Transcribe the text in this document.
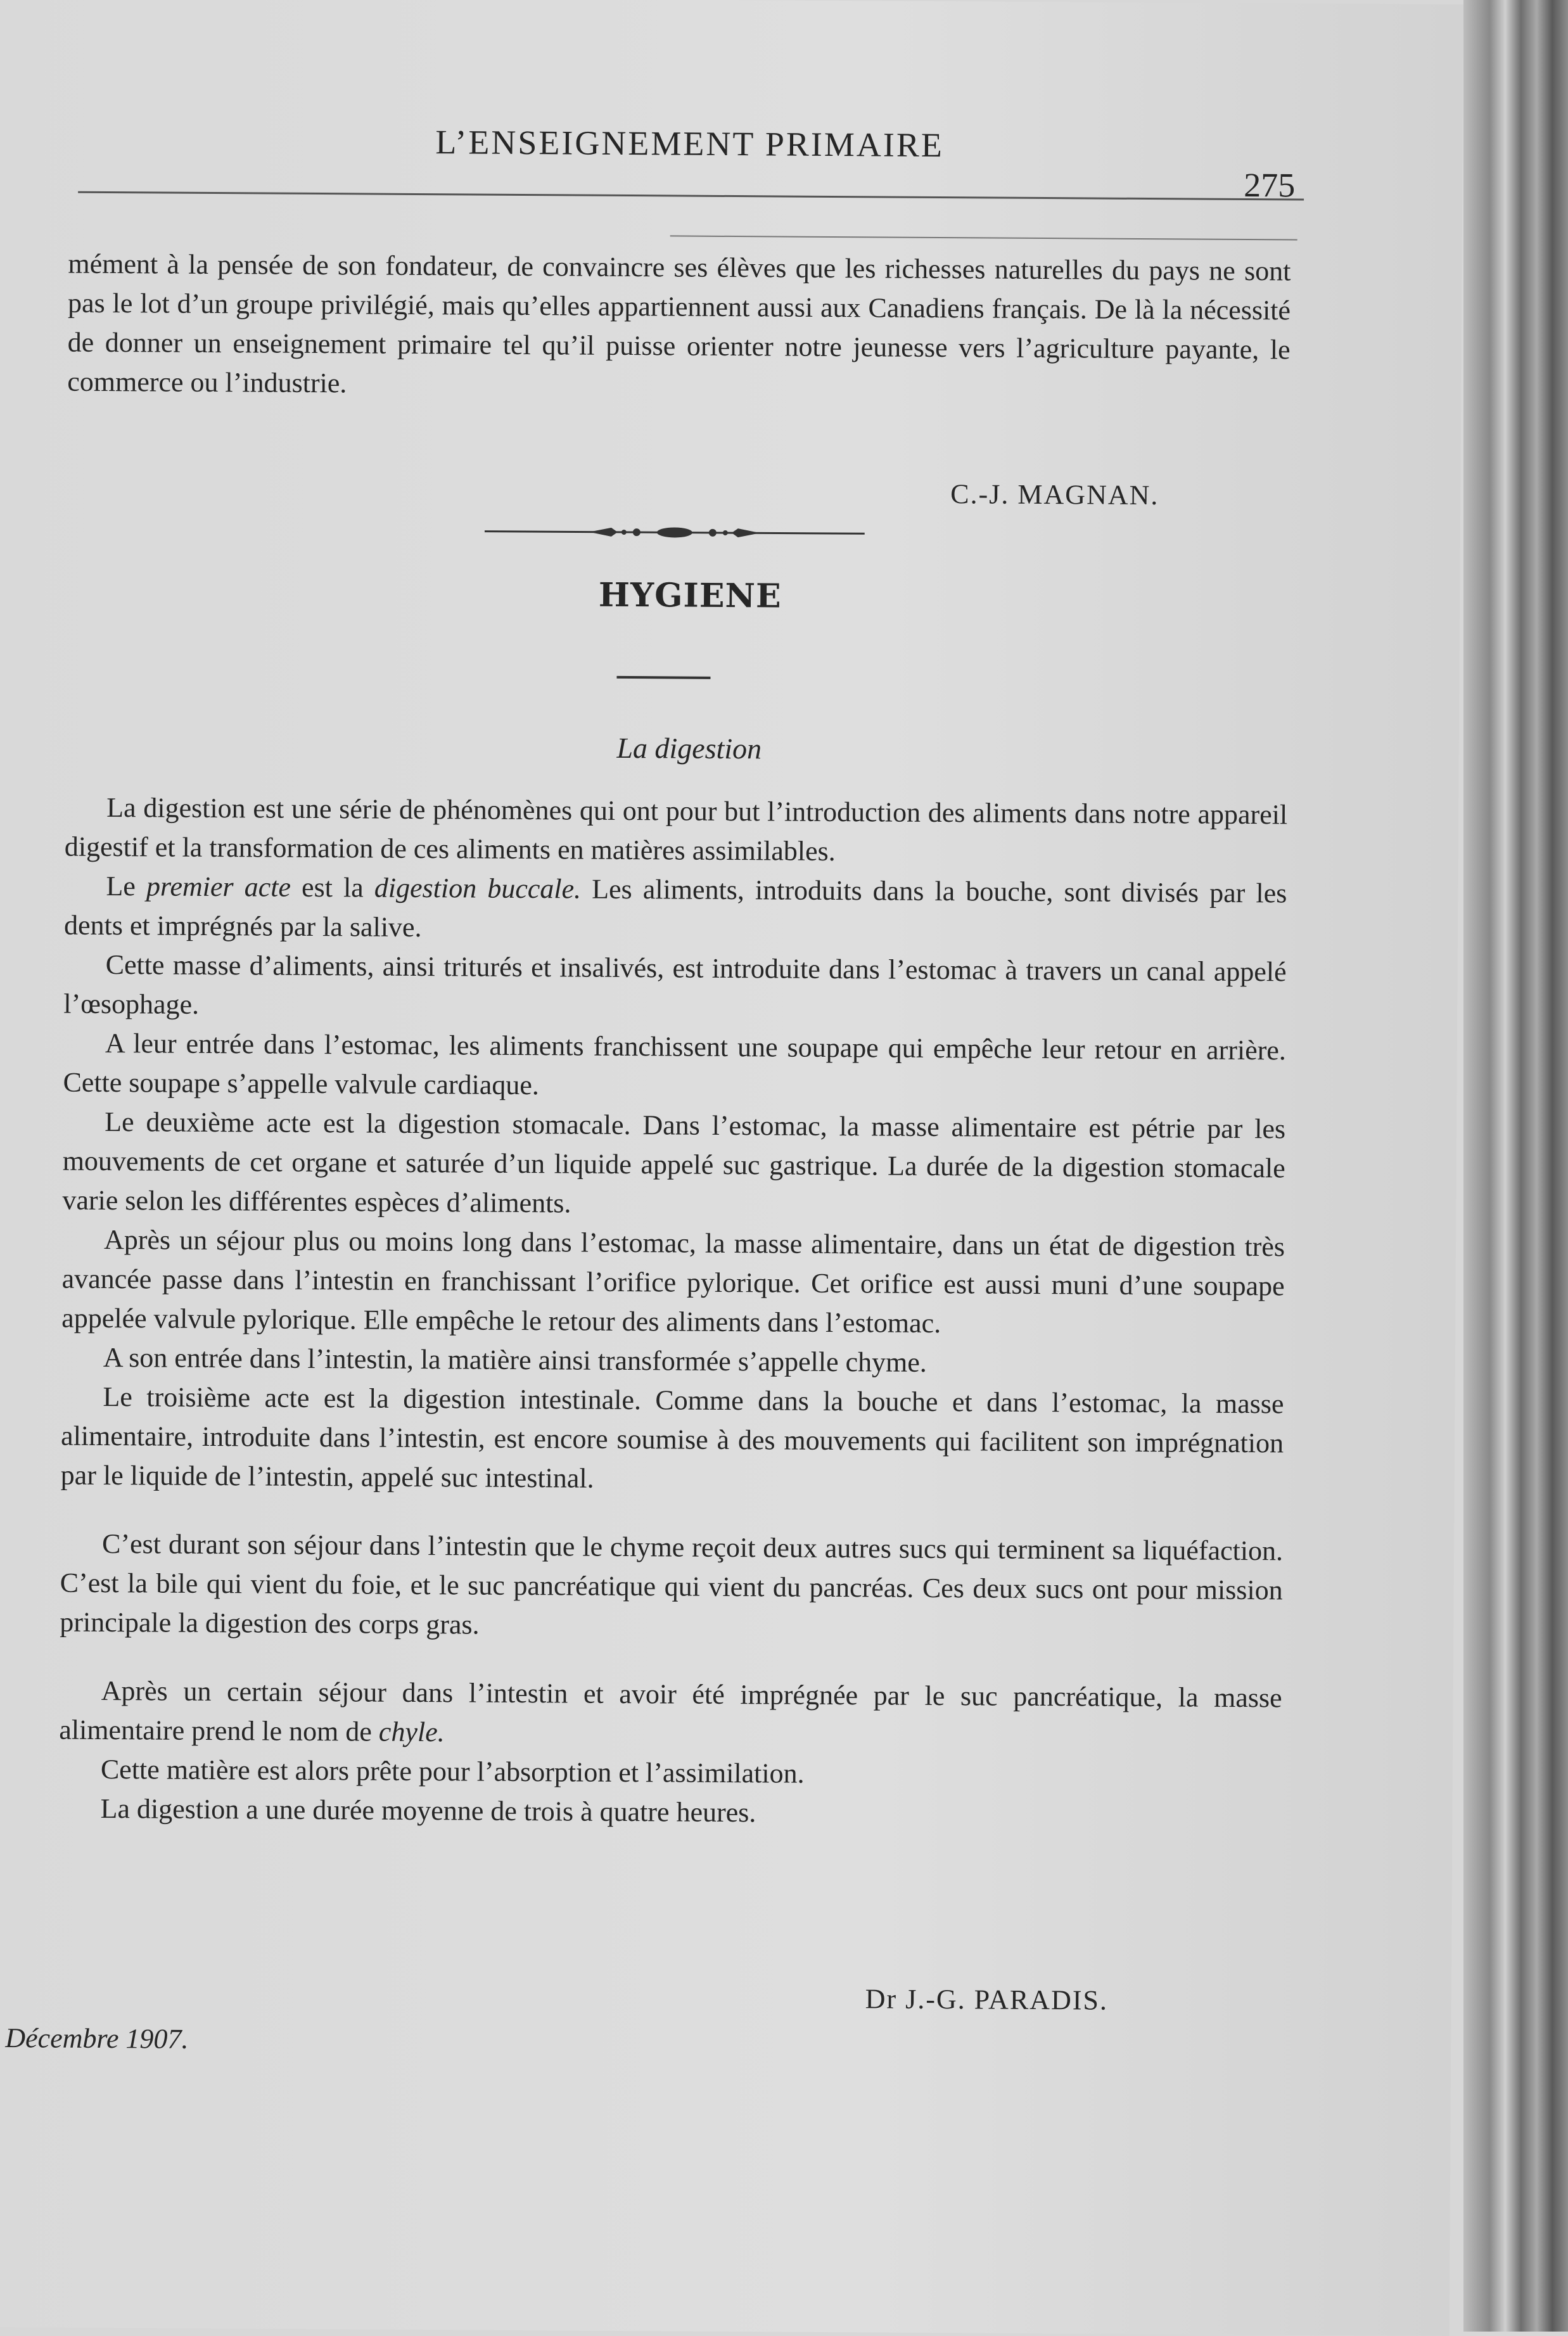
L’ENSEIGNEMENT PRIMAIRE
275

mément à la pensée de son fondateur, de convaincre ses élèves que les richesses naturelles du pays ne sont pas le lot d’un groupe privilégié, mais qu’elles appartiennent aussi aux Canadiens français. De là la nécessité de donner un enseignement primaire tel qu’il puisse orienter notre jeunesse vers l’agriculture payante, le commerce ou l’industrie.

C.-J. MAGNAN.
HYGIENE
La digestion

La digestion est une série de phénomènes qui ont pour but l’introduction des aliments dans notre appareil digestif et la transformation de ces aliments en matières assimilables.

Le premier acte est la digestion buccale. Les aliments, introduits dans la bouche, sont divisés par les dents et imprégnés par la salive.

Cette masse d’aliments, ainsi triturés et insalivés, est introduite dans l’estomac à travers un canal appelé l’œsophage.

A leur entrée dans l’estomac, les aliments franchissent une soupape qui empêche leur retour en arrière. Cette soupape s’appelle valvule cardiaque.

Le deuxième acte est la digestion stomacale. Dans l’estomac, la masse alimentaire est pétrie par les mouvements de cet organe et saturée d’un liquide appelé suc gastrique. La durée de la digestion stomacale varie selon les différentes espèces d’aliments.

Après un séjour plus ou moins long dans l’estomac, la masse alimentaire, dans un état de digestion très avancée passe dans l’intestin en franchissant l’orifice pylorique. Cet orifice est aussi muni d’une soupape appelée valvule pylorique. Elle empêche le retour des aliments dans l’estomac.

A son entrée dans l’intestin, la matière ainsi transformée s’appelle chyme.

Le troisième acte est la digestion intestinale. Comme dans la bouche et dans l’estomac, la masse alimentaire, introduite dans l’intestin, est encore soumise à des mouvements qui facilitent son imprégnation par le liquide de l’intestin, appelé suc intestinal.

C’est durant son séjour dans l’intestin que le chyme reçoit deux autres sucs qui terminent sa liquéfaction. C’est la bile qui vient du foie, et le suc pancréatique qui vient du pancréas. Ces deux sucs ont pour mission principale la digestion des corps gras.

Après un certain séjour dans l’intestin et avoir été imprégnée par le suc pancréatique, la masse alimentaire prend le nom de chyle.

Cette matière est alors prête pour l’absorption et l’assimilation.

La digestion a une durée moyenne de trois à quatre heures.

Dr J.-G. PARADIS.
Décembre 1907.
